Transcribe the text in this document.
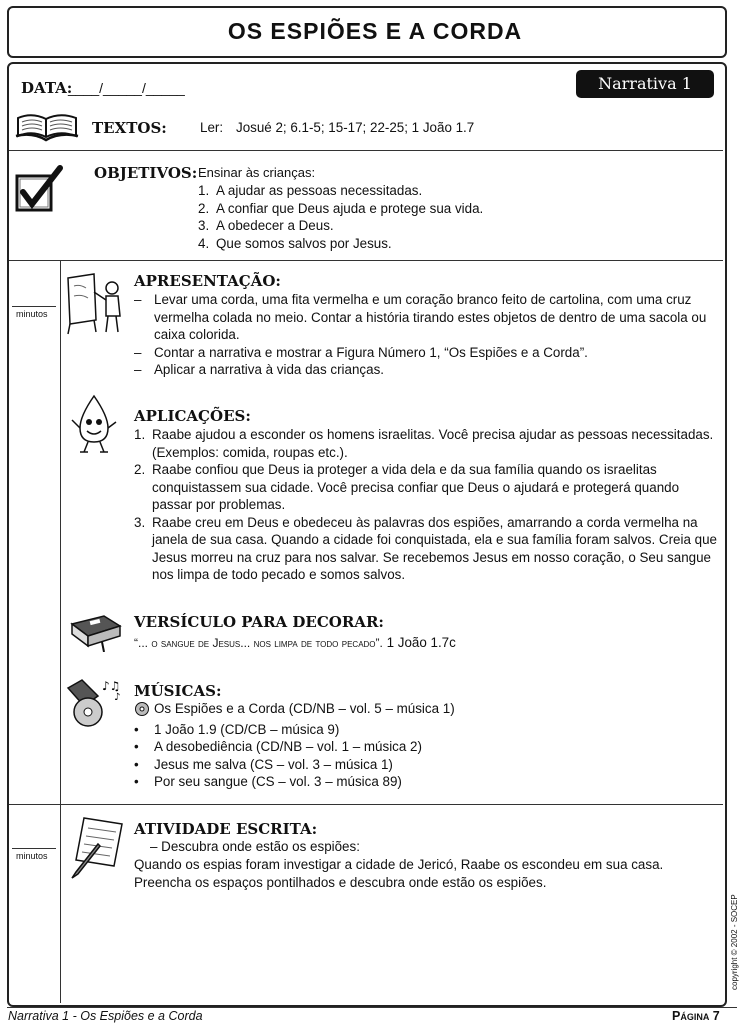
OS ESPIÕES E A CORDA
minutos
minutos
DATA:
____/_____/_____	Narrativa 1
TEXTOS: Ler: Josué 2; 6.1-5; 15-17; 22-25; 1 João 1.7
OBJETIVOS: Ensinar às crianças:
1. A ajudar as pessoas necessitadas.
2. A confiar que Deus ajuda e protege sua vida.
3. A obedecer a Deus.
4. Que somos salvos por Jesus.
APRESENTAÇÃO:
– Levar uma corda, uma fita vermelha e um coração branco feito de cartolina, com uma cruz vermelha colada no meio. Contar a história tirando estes objetos de dentro de uma sacola ou caixa colorida.
– Contar a narrativa e mostrar a Figura Número 1, “Os Espiões e a Corda”.
– Aplicar a narrativa à vida das crianças.
APLICAÇÕES:
1. Raabe ajudou a esconder os homens israelitas. Você precisa ajudar as pessoas necessitadas. (Exemplos: comida, roupas etc.).
2. Raabe confiou que Deus ia proteger a vida dela e da sua família quando os israelitas conquistassem sua cidade. Você precisa confiar que Deus o ajudará e protegerá quando passar por problemas.
3. Raabe creu em Deus e obedeceu às palavras dos espiões, amarrando a corda vermelha na janela de sua casa. Quando a cidade foi conquistada, ela e sua família foram salvos. Creia que Jesus morreu na cruz para nos salvar. Se recebemos Jesus em nosso coração, o Seu sangue nos limpa de todo pecado e somos salvos.
VERSÍCULO PARA DECORAR:
“... o sangue de Jesus... nos limpa de todo pecado”. 1 João 1.7c
♪♫
♪ MÚSICAS:
Os Espiões e a Corda (CD/NB – vol. 5 – música 1)
•	1 João 1.9 (CD/CB – música 9)
•	A desobediência (CD/NB – vol. 1 – música 2)
•	Jesus me salva (CS – vol. 3 – música 1)
•	Por seu sangue (CS – vol. 3 – música 89)
ATIVIDADE ESCRITA:
– Descubra onde estão os espiões:
Quando os espias foram investigar a cidade de Jericó, Raabe os escondeu em sua casa.
Preencha os espaços pontilhados e descubra onde estão os espiões.
copyright © 2002 - SOCEP
Narrativa 1 - Os Espiões e a Corda	Página 7
